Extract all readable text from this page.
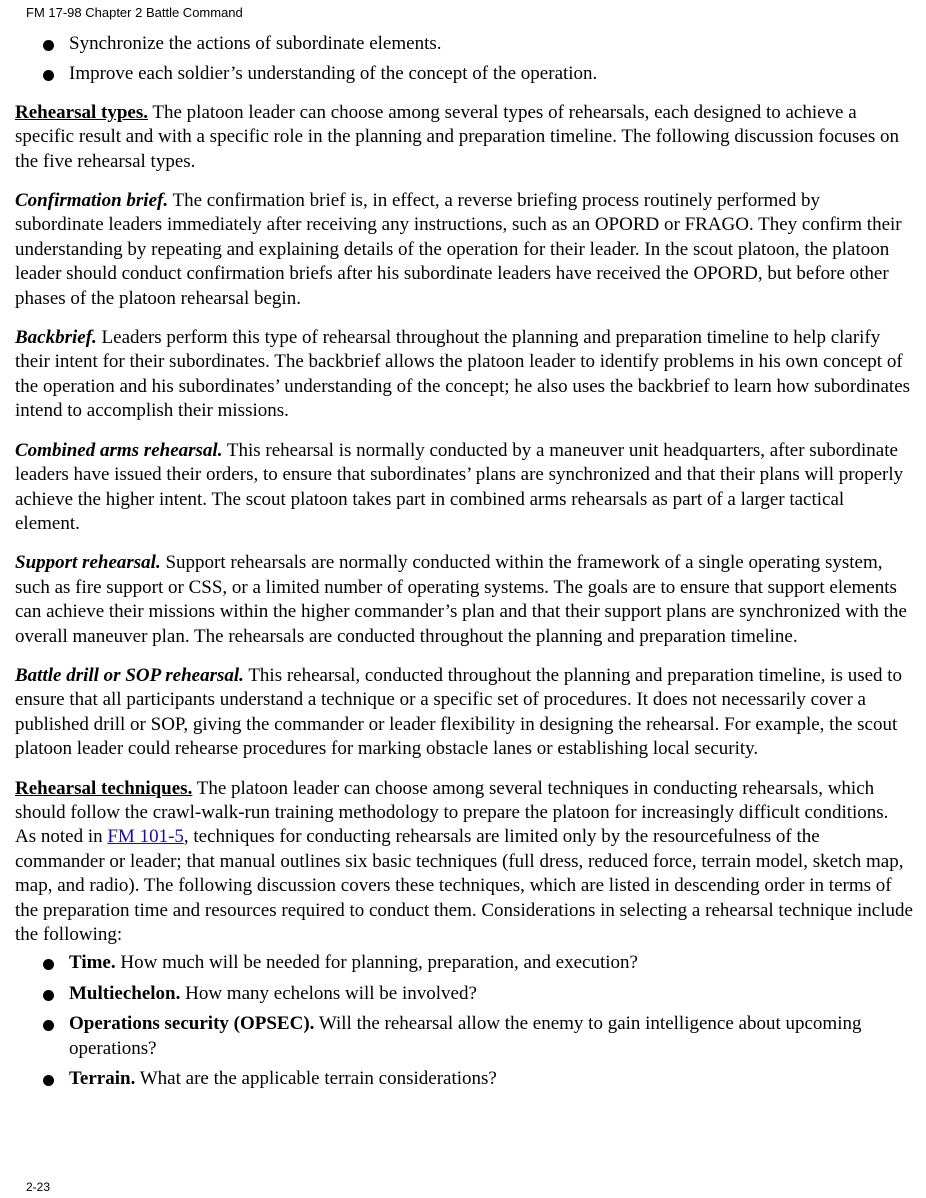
FM 17-98 Chapter 2 Battle Command
Synchronize the actions of subordinate elements.
Improve each soldier’s understanding of the concept of the operation.

Rehearsal types. The platoon leader can choose among several types of rehearsals, each designed to achieve a specific result and with a specific role in the planning and preparation timeline. The following discussion focuses on the five rehearsal types.

Confirmation brief. The confirmation brief is, in effect, a reverse briefing process routinely performed by subordinate leaders immediately after receiving any instructions, such as an OPORD or FRAGO. They confirm their understanding by repeating and explaining details of the operation for their leader. In the scout platoon, the platoon leader should conduct confirmation briefs after his subordinate leaders have received the OPORD, but before other phases of the platoon rehearsal begin.

Backbrief. Leaders perform this type of rehearsal throughout the planning and preparation timeline to help clarify their intent for their subordinates. The backbrief allows the platoon leader to identify problems in his own concept of the operation and his subordinates’ understanding of the concept; he also uses the backbrief to learn how subordinates intend to accomplish their missions.

Combined arms rehearsal. This rehearsal is normally conducted by a maneuver unit headquarters, after subordinate leaders have issued their orders, to ensure that subordinates’ plans are synchronized and that their plans will properly achieve the higher intent. The scout platoon takes part in combined arms rehearsals as part of a larger tactical element.

Support rehearsal. Support rehearsals are normally conducted within the framework of a single operating system, such as fire support or CSS, or a limited number of operating systems. The goals are to ensure that support elements can achieve their missions within the higher commander’s plan and that their support plans are synchronized with the overall maneuver plan. The rehearsals are conducted throughout the planning and preparation timeline.

Battle drill or SOP rehearsal. This rehearsal, conducted throughout the planning and preparation timeline, is used to ensure that all participants understand a technique or a specific set of procedures. It does not necessarily cover a published drill or SOP, giving the commander or leader flexibility in designing the rehearsal. For example, the scout platoon leader could rehearse procedures for marking obstacle lanes or establishing local security.

Rehearsal techniques. The platoon leader can choose among several techniques in conducting rehearsals, which should follow the crawl-walk-run training methodology to prepare the platoon for increasingly difficult conditions. As noted in FM 101-5, techniques for conducting rehearsals are limited only by the resourcefulness of the commander or leader; that manual outlines six basic techniques (full dress, reduced force, terrain model, sketch map, map, and radio). The following discussion covers these techniques, which are listed in descending order in terms of the preparation time and resources required to conduct them. Considerations in selecting a rehearsal technique include the following:

Time. How much will be needed for planning, preparation, and execution?
Multiechelon. How many echelons will be involved?
Operations security (OPSEC). Will the rehearsal allow the enemy to gain intelligence about upcoming operations?
Terrain. What are the applicable terrain considerations?
2-23
